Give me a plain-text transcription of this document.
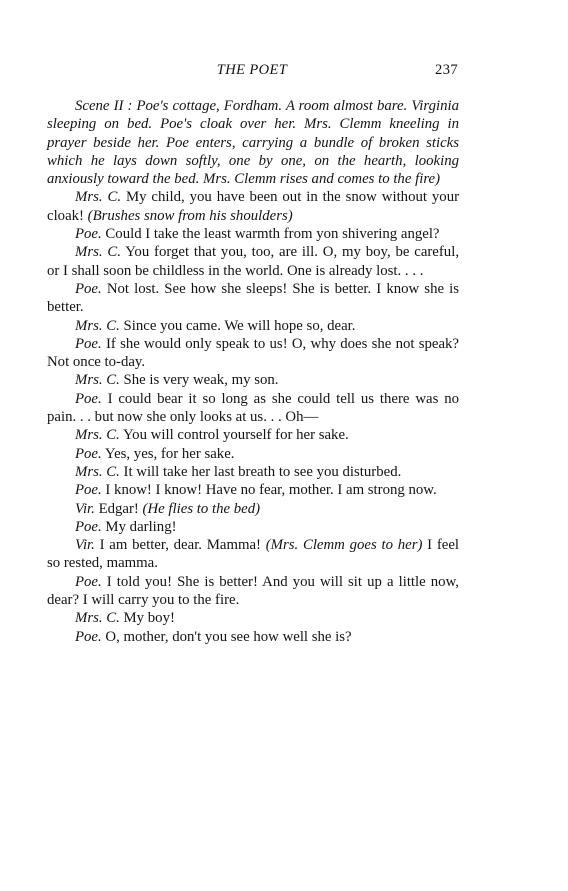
THE POET	237

Scene II : Poe's cottage, Fordham. A room almost bare. Virginia sleeping on bed. Poe's cloak over her. Mrs. Clemm kneeling in prayer beside her. Poe enters, carrying a bundle of broken sticks which he lays down softly, one by one, on the hearth, looking anxiously toward the bed. Mrs. Clemm rises and comes to the fire)

Mrs. C. My child, you have been out in the snow without your cloak! (Brushes snow from his shoulders)

Poe. Could I take the least warmth from yon shivering angel?

Mrs. C. You forget that you, too, are ill. O, my boy, be careful, or I shall soon be childless in the world. One is already lost. . . .

Poe. Not lost. See how she sleeps! She is better. I know she is better.

Mrs. C. Since you came. We will hope so, dear.

Poe. If she would only speak to us! O, why does she not speak? Not once to-day.

Mrs. C. She is very weak, my son.

Poe. I could bear it so long as she could tell us there was no pain. . . but now she only looks at us. . . Oh—

Mrs. C. You will control yourself for her sake.

Poe. Yes, yes, for her sake.

Mrs. C. It will take her last breath to see you disturbed.

Poe. I know! I know! Have no fear, mother. I am strong now.

Vir. Edgar! (He flies to the bed)

Poe. My darling!

Vir. I am better, dear. Mamma! (Mrs. Clemm goes to her) I feel so rested, mamma.

Poe. I told you! She is better! And you will sit up a little now, dear? I will carry you to the fire.

Mrs. C. My boy!

Poe. O, mother, don't you see how well she is?
